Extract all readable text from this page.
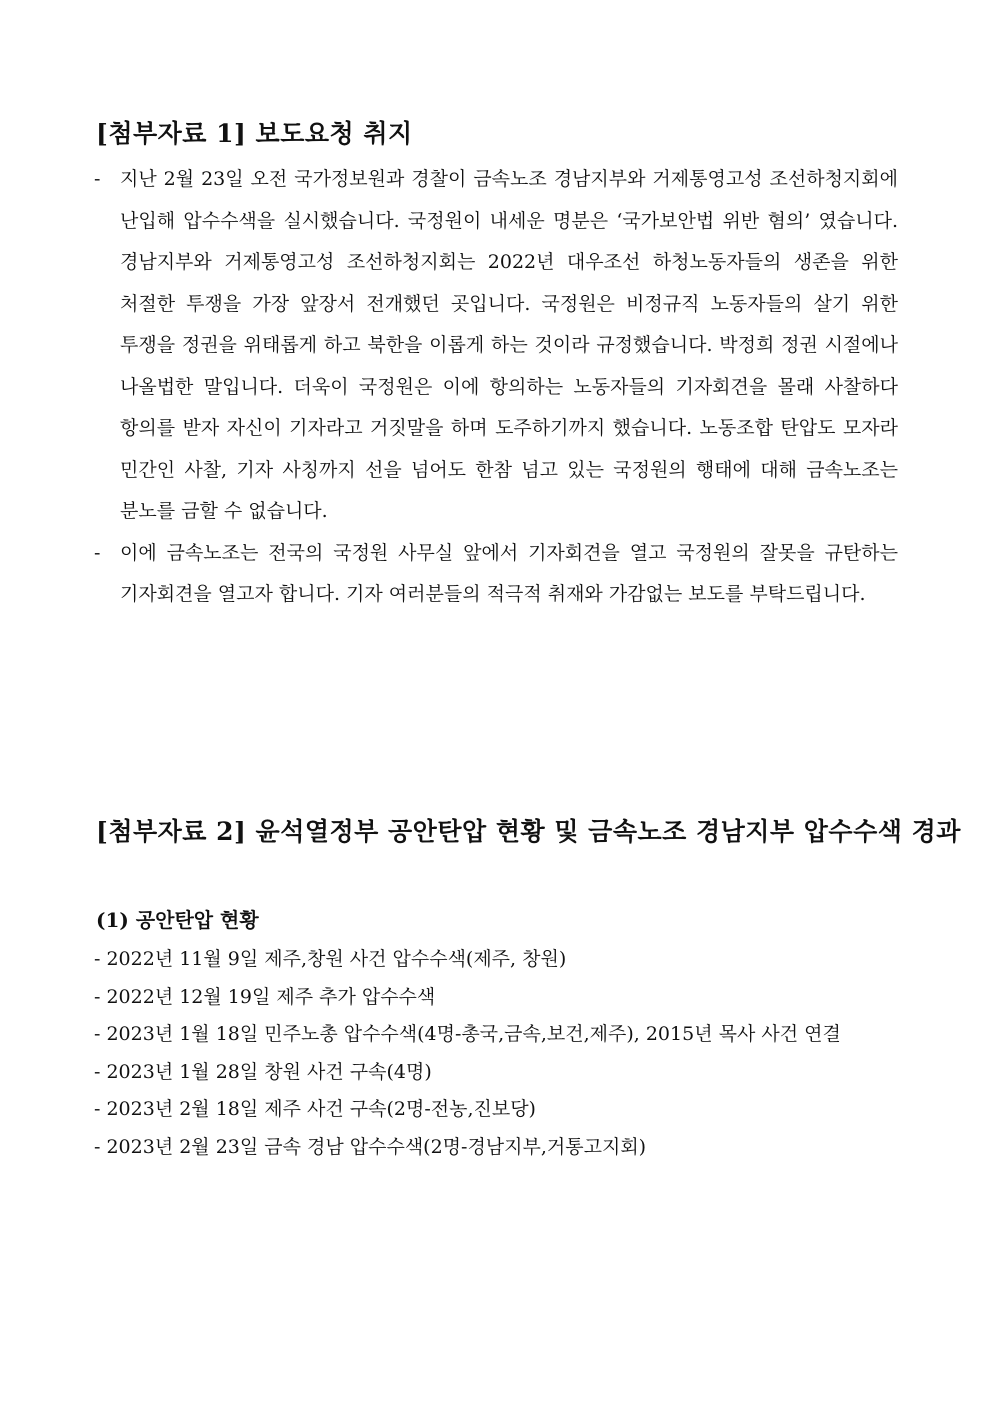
[첨부자료 1] 보도요청 취지
- 지난 2월 23일 오전 국가정보원과 경찰이 금속노조 경남지부와 거제통영고성 조선하청지회에 난입해 압수수색을 실시했습니다. 국정원이 내세운 명분은 ‘국가보안법 위반 혐의’ 였습니다. 경남지부와 거제통영고성 조선하청지회는 2022년 대우조선 하청노동자들의 생존을 위한 처절한 투쟁을 가장 앞장서 전개했던 곳입니다. 국정원은 비정규직 노동자들의 살기 위한 투쟁을 정권을 위태롭게 하고 북한을 이롭게 하는 것이라 규정했습니다. 박정희 정권 시절에나 나올법한 말입니다. 더욱이 국정원은 이에 항의하는 노동자들의 기자회견을 몰래 사찰하다 항의를 받자 자신이 기자라고 거짓말을 하며 도주하기까지 했습니다. 노동조합 탄압도 모자라 민간인 사찰, 기자 사칭까지 선을 넘어도 한참 넘고 있는 국정원의 행태에 대해 금속노조는 분노를 금할 수 없습니다.
- 이에 금속노조는 전국의 국정원 사무실 앞에서 기자회견을 열고 국정원의 잘못을 규탄하는 기자회견을 열고자 합니다. 기자 여러분들의 적극적 취재와 가감없는 보도를 부탁드립니다.
[첨부자료 2] 윤석열정부 공안탄압 현황 및 금속노조 경남지부 압수수색 경과
(1) 공안탄압 현황
- 2022년 11월 9일 제주,창원 사건 압수수색(제주, 창원)
- 2022년 12월 19일 제주 추가 압수수색
- 2023년 1월 18일 민주노총 압수수색(4명-총국,금속,보건,제주), 2015년 목사 사건 연결
- 2023년 1월 28일 창원 사건 구속(4명)
- 2023년 2월 18일 제주 사건 구속(2명-전농,진보당)
- 2023년 2월 23일 금속 경남 압수수색(2명-경남지부,거통고지회)
